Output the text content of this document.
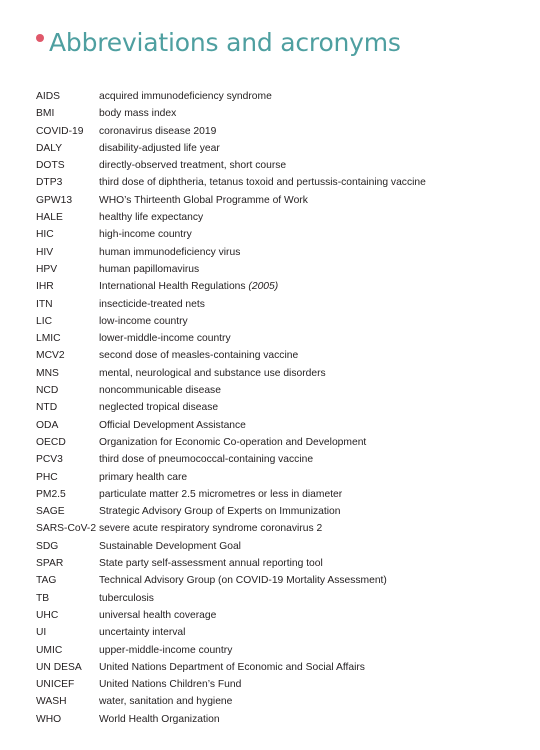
Abbreviations and acronyms
AIDS	acquired immunodeficiency syndrome
BMI	body mass index
COVID-19	coronavirus disease 2019
DALY	disability-adjusted life year
DOTS	directly-observed treatment, short course
DTP3	third dose of diphtheria, tetanus toxoid and pertussis-containing vaccine
GPW13	WHO’s Thirteenth Global Programme of Work
HALE	healthy life expectancy
HIC	high-income country
HIV	human immunodeficiency virus
HPV	human papillomavirus
IHR	International Health Regulations (2005)
ITN	insecticide-treated nets
LIC	low-income country
LMIC	lower-middle-income country
MCV2	second dose of measles-containing vaccine
MNS	mental, neurological and substance use disorders
NCD	noncommunicable disease
NTD	neglected tropical disease
ODA	Official Development Assistance
OECD	Organization for Economic Co-operation and Development
PCV3	third dose of pneumococcal-containing vaccine
PHC	primary health care
PM2.5	particulate matter 2.5 micrometres or less in diameter
SAGE	Strategic Advisory Group of Experts on Immunization
SARS-CoV-2 severe acute respiratory syndrome coronavirus 2
SDG	Sustainable Development Goal
SPAR	State party self-assessment annual reporting tool
TAG	Technical Advisory Group (on COVID-19 Mortality Assessment)
TB	tuberculosis
UHC	universal health coverage
UI	uncertainty interval
UMIC	upper-middle-income country
UN DESA	United Nations Department of Economic and Social Affairs
UNICEF	United Nations Children’s Fund
WASH	water, sanitation and hygiene
WHO	World Health Organization
